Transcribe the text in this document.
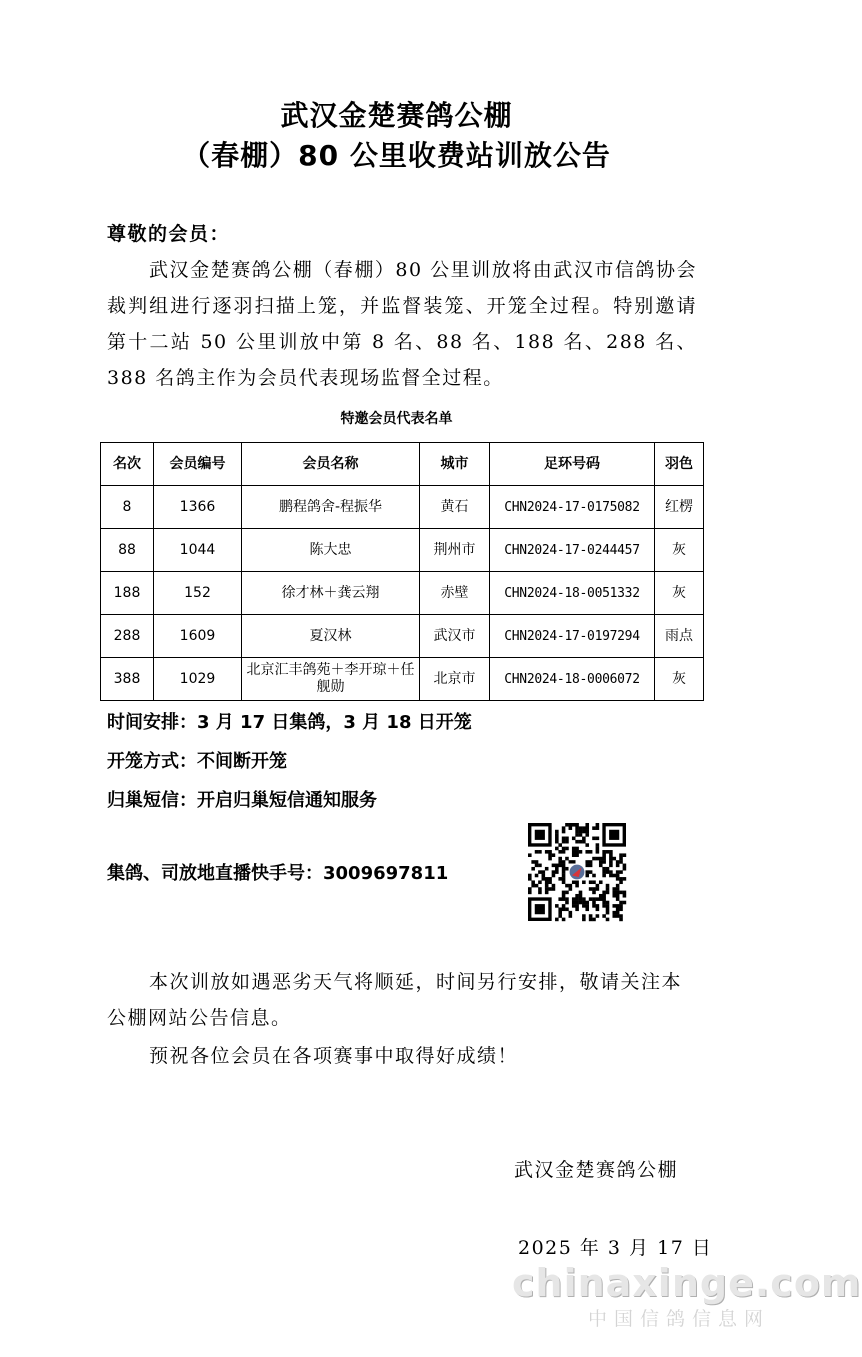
武汉金楚赛鸽公棚
（春棚）80 公里收费站训放公告
尊敬的会员：
武汉金楚赛鸽公棚（春棚）80 公里训放将由武汉市信鸽协会裁判组进行逐羽扫描上笼，并监督装笼、开笼全过程。特别邀请第十二站 50 公里训放中第 8 名、88 名、188 名、288 名、388 名鸽主作为会员代表现场监督全过程。
特邀会员代表名单
名次	会员编号	会员名称	城市	足环号码	羽色
8	1366	鹏程鸽舍-程振华	黄石	CHN2024-17-0175082	红楞
88	1044	陈大忠	荆州市	CHN2024-17-0244457	灰
188	152	徐才林＋龚云翔	赤壁	CHN2024-18-0051332	灰
288	1609	夏汉林	武汉市	CHN2024-17-0197294	雨点
388	1029	北京汇丰鸽苑＋李开琼＋任舰勋	北京市	CHN2024-18-0006072	灰
时间安排：3 月 17 日集鸽，3 月 18 日开笼
开笼方式：不间断开笼
归巢短信：开启归巢短信通知服务
集鸽、司放地直播快手号：3009697811
本次训放如遇恶劣天气将顺延，时间另行安排，敬请关注本公棚网站公告信息。
预祝各位会员在各项赛事中取得好成绩！
武汉金楚赛鸽公棚
2025 年 3 月 17 日
chinaxinge.com
中国信鸽信息网
